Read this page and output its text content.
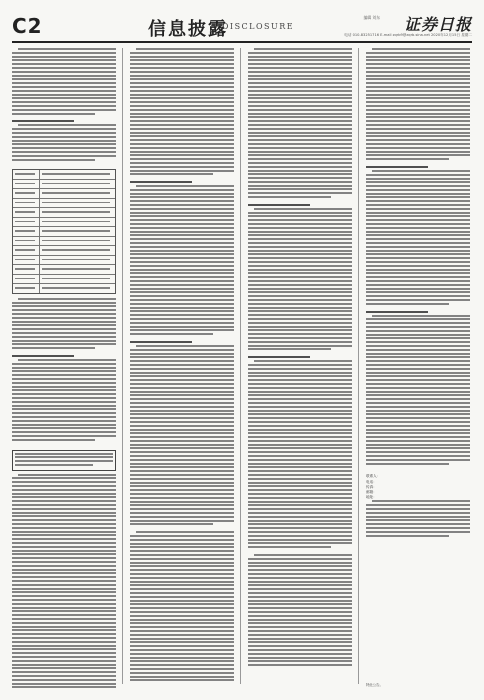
C2	信息披露
DISCLOSURE
编辑 刘东 证券日报
电话 010-83251716 E-mail zqrb9@zqrb.sina.net 2020年12月15日 星期二
联系人：
电话：
传真：
邮箱：
地址：
特此公告。
